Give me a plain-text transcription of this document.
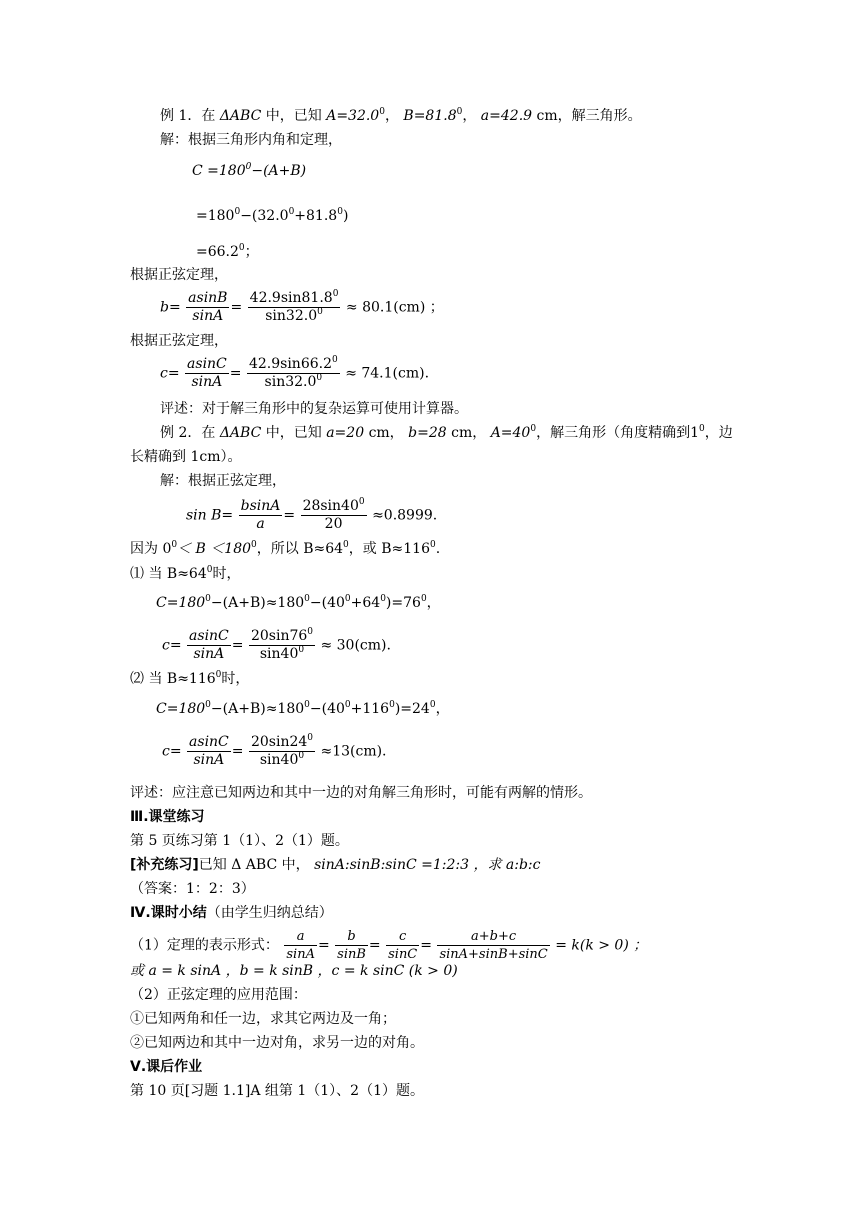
例 1．在 ΔABC 中，已知 $A=32.0^0$， $B=81.8^0$， a=42.9 cm，解三角形。
解：根据三角形内角和定理，
$C =180^0-(A+B)$
$=180^0-(32.0^0+81.8^0)$
$=66.2^0$；
根据正弦定理，
$b= \frac{asinB}{\sin A} = \frac{42.9\sin 81.8^0}{\sin 32.0^0} \approx 80.1(cm)$ ；
根据正弦定理，
$c= \frac{asinC}{\sin A} = \frac{42.9\sin 66.2^0}{\sin 32.0^0} \approx 74.1(cm)$.
评述：对于解三角形中的复杂运算可使用计算器。
例 2．在 ΔABC 中，已知 a=20 cm， b=28 cm， $A=40^0$，解三角形（角度精确到$1^0$，边
长精确到 1cm）。
解：根据正弦定理，
$\sin B= \frac{bsinA}{a} = \frac{28\sin 40^0}{20} \approx 0.8999$.
因为 $0^0< B <180^0$，所以 $B\approx 64^0$，或 $B\approx 116^0$.
⑴ 当 $B\approx 64^0$时，
$C=180^0-(A+B)\approx 180^0-(40^0+64^0)=76^0$，
$c= \frac{asinC}{\sin A} = \frac{20\sin 76^0}{\sin 40^0} \approx 30(cm)$.
⑵ 当 $B\approx 116^0$时，
$C=180^0-(A+B)\approx 180^0-(40^0+116^0)=24^0$，
$c= \frac{asinC}{\sin A} = \frac{20\sin 24^0}{\sin 40^0} \approx 13(cm)$.
评述：应注意已知两边和其中一边的对角解三角形时，可能有两解的情形。
Ⅲ.课堂练习
第 5 页练习第 1（1）、2（1）题。
[补充练习]已知 Δ ABC 中， sinA:sinB:sinC =1:2:3 ，求 a:b:c
（答案：1：2：3）
Ⅳ.课时小结（由学生归纳总结）
（1）定理的表示形式： $\frac{a}{\sin A} = \frac{b}{\sin B} = \frac{c}{\sin C} = \frac{a+b+c}{\sin A+\sin B+\sin C} = k(k > 0)$ ；
或 a = k sinA ，b = k sinB ，c = k sinC (k > 0)
（2）正弦定理的应用范围：
①已知两角和任一边，求其它两边及一角；
②已知两边和其中一边对角，求另一边的对角。
Ⅴ.课后作业
第 10 页[习题 1.1]A 组第 1（1）、2（1）题。
